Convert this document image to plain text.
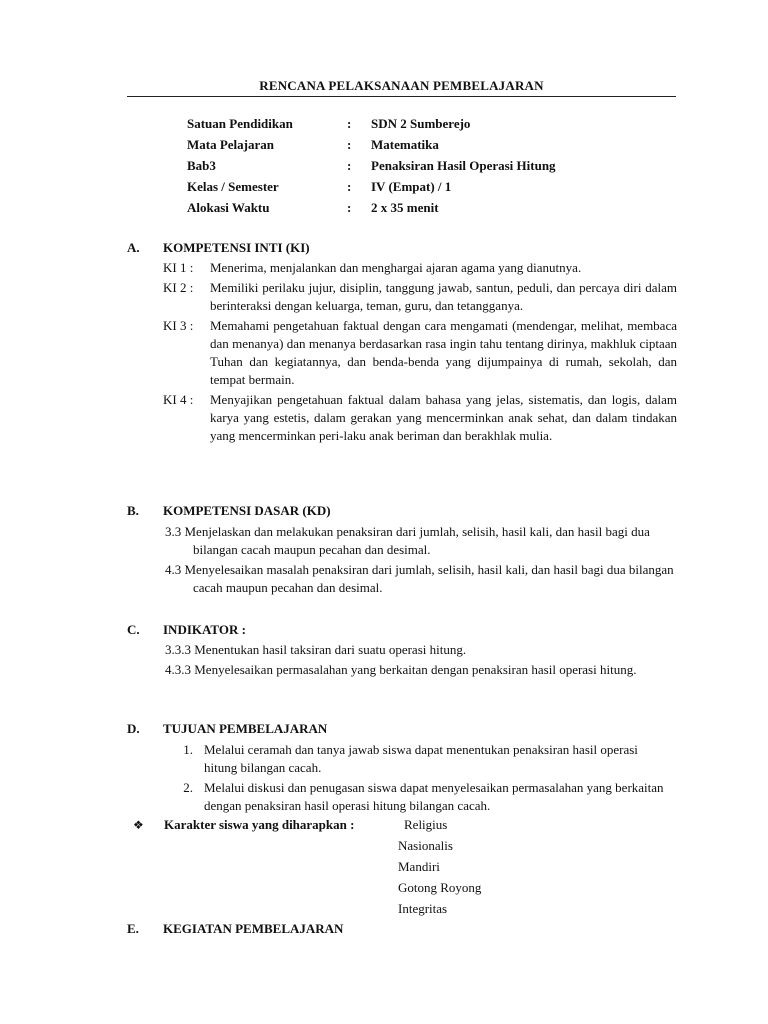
RENCANA PELAKSANAAN PEMBELAJARAN
Satuan Pendidikan	:	SDN 2 Sumberejo
Mata Pelajaran	:	Matematika
Bab3	:	Penaksiran Hasil Operasi Hitung
Kelas / Semester	:	IV (Empat) / 1
Alokasi Waktu	:	2 x 35 menit
A. KOMPETENSI INTI (KI)
KI 1 :	Menerima, menjalankan dan menghargai ajaran agama yang dianutnya.
KI 2 :	Memiliki perilaku jujur, disiplin, tanggung jawab, santun, peduli, dan percaya diri dalam berinteraksi dengan keluarga, teman, guru, dan tetangganya.
KI 3 :	Memahami pengetahuan faktual dengan cara mengamati (mendengar, melihat, membaca dan menanya) dan menanya berdasarkan rasa ingin tahu tentang dirinya, makhluk ciptaan Tuhan dan kegiatannya, dan benda-benda yang dijumpainya di rumah, sekolah, dan tempat bermain.
KI 4 :	Menyajikan pengetahuan faktual dalam bahasa yang jelas, sistematis, dan logis, dalam karya yang estetis, dalam gerakan yang mencerminkan anak sehat, dan dalam tindakan yang mencerminkan peri-laku anak beriman dan berakhlak mulia.
B. KOMPETENSI DASAR (KD)
3.3 Menjelaskan dan melakukan penaksiran dari jumlah, selisih, hasil kali, dan hasil bagi dua bilangan cacah maupun pecahan dan desimal.
4.3 Menyelesaikan masalah penaksiran dari jumlah, selisih, hasil kali, dan hasil bagi dua bilangan cacah maupun pecahan dan desimal.
C. INDIKATOR :
3.3.3 Menentukan hasil taksiran dari suatu operasi hitung.
4.3.3 Menyelesaikan permasalahan yang berkaitan dengan penaksiran hasil operasi hitung.
D. TUJUAN PEMBELAJARAN
1. Melalui ceramah dan tanya jawab siswa dapat menentukan penaksiran hasil operasi hitung bilangan cacah.
2. Melalui diskusi dan penugasan siswa dapat menyelesaikan permasalahan yang berkaitan dengan penaksiran hasil operasi hitung bilangan cacah.
❖ Karakter siswa yang diharapkan :	Religius
Nasionalis
Mandiri
Gotong Royong
Integritas
E. KEGIATAN PEMBELAJARAN
